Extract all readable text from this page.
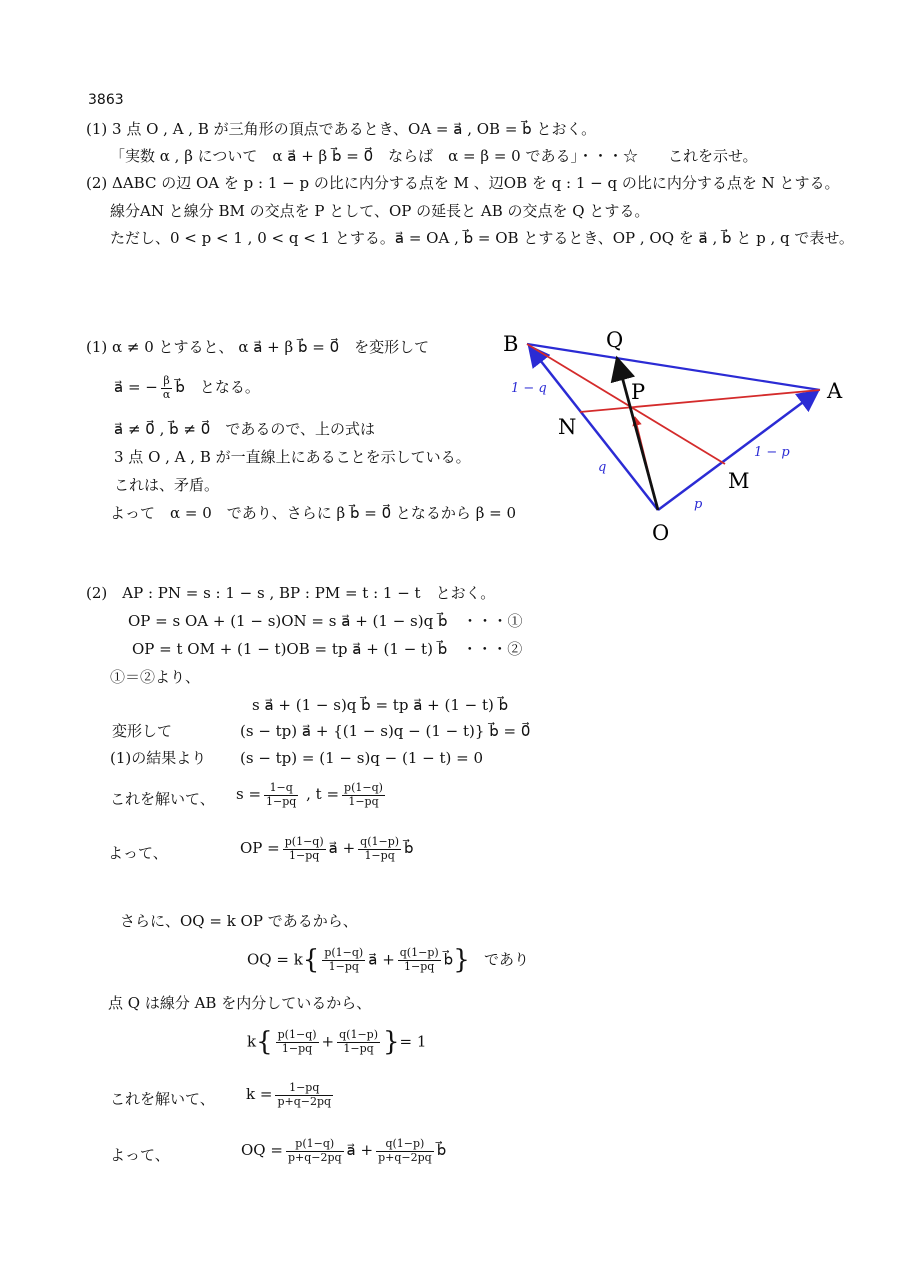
3863
(1) 3 点 O , A , B が三角形の頂点であるとき、OA = a⃗ , OB = b⃗ とおく。
「実数 α , β について　α a⃗ + β b⃗ = 0⃗　ならば　α = β = 0 である」・・・☆　　これを示せ。
(2) ΔABC の辺 OA を p : 1 − p の比に内分する点を M 、辺OB を q : 1 − q の比に内分する点を N とする。
線分AN と線分 BM の交点を P として、OP の延長と AB の交点を Q とする。
ただし、0 < p < 1 , 0 < q < 1 とする。a⃗ = OA , b⃗ = OB とするとき、OP , OQ を a⃗ , b⃗ と p , q で表せ。
B	Q
P	A
N
M
O
1 − q
q
1 − p
p
(1) α ≠ 0 とすると、 α a⃗ + β b⃗ = 0⃗　を変形して
a⃗ = − $\frac{\beta}{\alpha}$ b⃗　となる。
a⃗ ≠ 0⃗ , b⃗ ≠ 0⃗　であるので、上の式は
3 点 O , A , B が一直線上にあることを示している。
これは、矛盾。
よって　α = 0　であり、さらに β b⃗ = 0⃗ となるから β = 0
(2)　AP : PN = s : 1 − s , BP : PM = t : 1 − t　とおく。
OP = s OA + (1 − s)ON = s a⃗ + (1 − s)q b⃗　・・・①
OP = t OM + (1 − t)OB = tp a⃗ + (1 − t) b⃗　・・・②
①＝②より、
s a⃗ + (1 − s)q b⃗ = tp a⃗ + (1 − t) b⃗
変形して	(s − tp) a⃗ + {(1 − s)q − (1 − t)} b⃗ = 0⃗
(1)の結果より (s − tp) = (1 − s)q − (1 − t) = 0
これを解いて、 $s = \frac{1-q}{1-pq}$ , $t = \frac{p(1-q)}{1-pq}$
よって、	OP = $\frac{p(1-q)}{1-pq}$ a⃗ + $\frac{q(1-p)}{1-pq}$ b⃗
さらに、OQ = k OP であるから、
OQ = $k\{ \frac{p(1-q)}{1-pq}$ a⃗ + $\frac{q(1-p)}{1-pq}$ b⃗} であり
点 Q は線分 AB を内分しているから、
$k\{ \frac{p(1-q)}{1-pq} + \frac{q(1-p)}{1-pq}$ }= 1
これを解いて、 $k = \frac{1-pq}{p+q-2pq}$
よって、	OQ = $\frac{p(1-q)}{p+q-2pq}$ a⃗ + $\frac{q(1-p)}{p+q-2pq}$ b⃗
